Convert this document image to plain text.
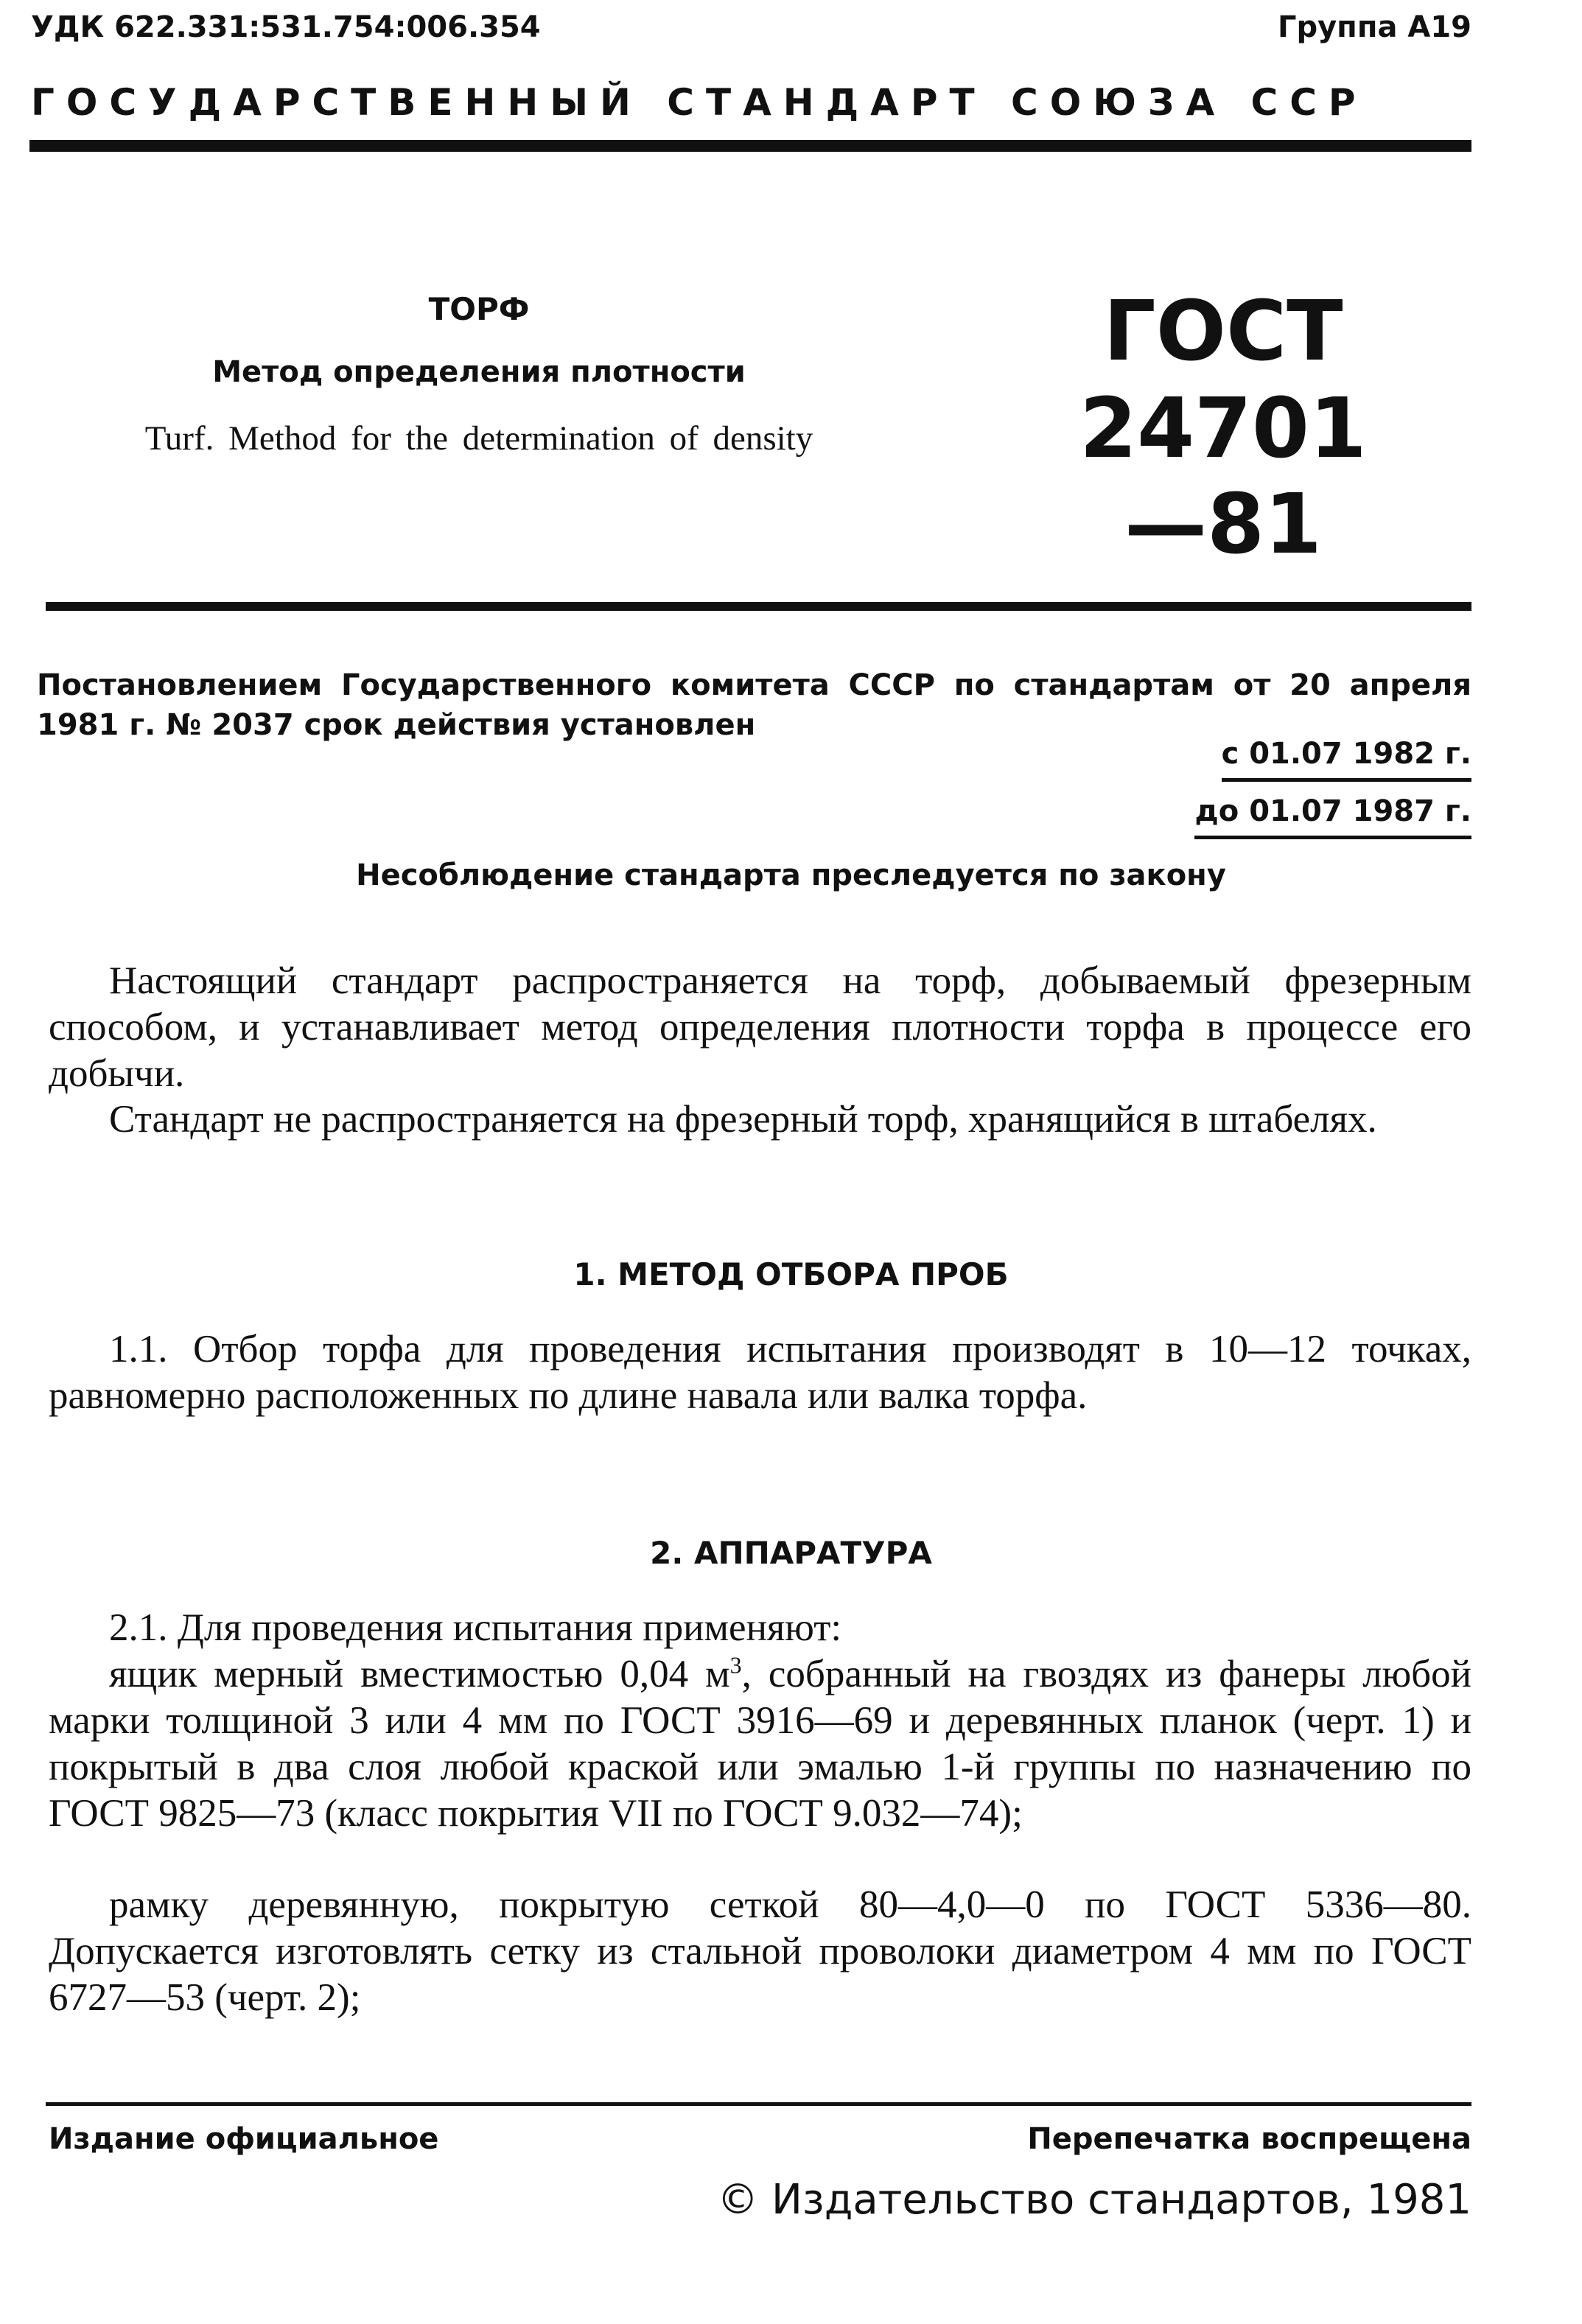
УДК 622.331:531.754:006.354	Группа А19
ГОСУДАРСТВЕННЫЙ СТАНДАРТ СОЮЗА ССР
ТОРФ
Метод определения плотности
Turf. Method for the determination of density
ГОСТ
24701—81
Постановлением Государственного комитета СССР по стандартам от 20 апреля 1981 г. № 2037 срок действия установлен
с 01.07 1982 г.
до 01.07 1987 г.
Несоблюдение стандарта преследуется по закону
Настоящий стандарт распространяется на торф, добываемый фрезерным способом, и устанавливает метод определения плотности торфа в процессе его добычи.
Стандарт не распространяется на фрезерный торф, хранящийся в штабелях.
1. МЕТОД ОТБОРА ПРОБ
1.1. Отбор торфа для проведения испытания производят в 10—12 точках, равномерно расположенных по длине навала или валка торфа.
2. АППАРАТУРА
2.1. Для проведения испытания применяют:
ящик мерный вместимостью 0,04 $м^3$, собранный на гвоздях из фанеры любой марки толщиной 3 или 4 мм по ГОСТ 3916—69 и деревянных планок (черт. 1) и покрытый в два слоя любой краской или эмалью 1-й группы по назначению по ГОСТ 9825—73 (класс покрытия VII по ГОСТ 9.032—74);
рамку деревянную, покрытую сеткой 80—4,0—0 по ГОСТ 5336—80. Допускается изготовлять сетку из стальной проволоки диаметром 4 мм по ГОСТ 6727—53 (черт. 2);
Издание официальное	Перепечатка воспрещена
© Издательство стандартов, 1981
